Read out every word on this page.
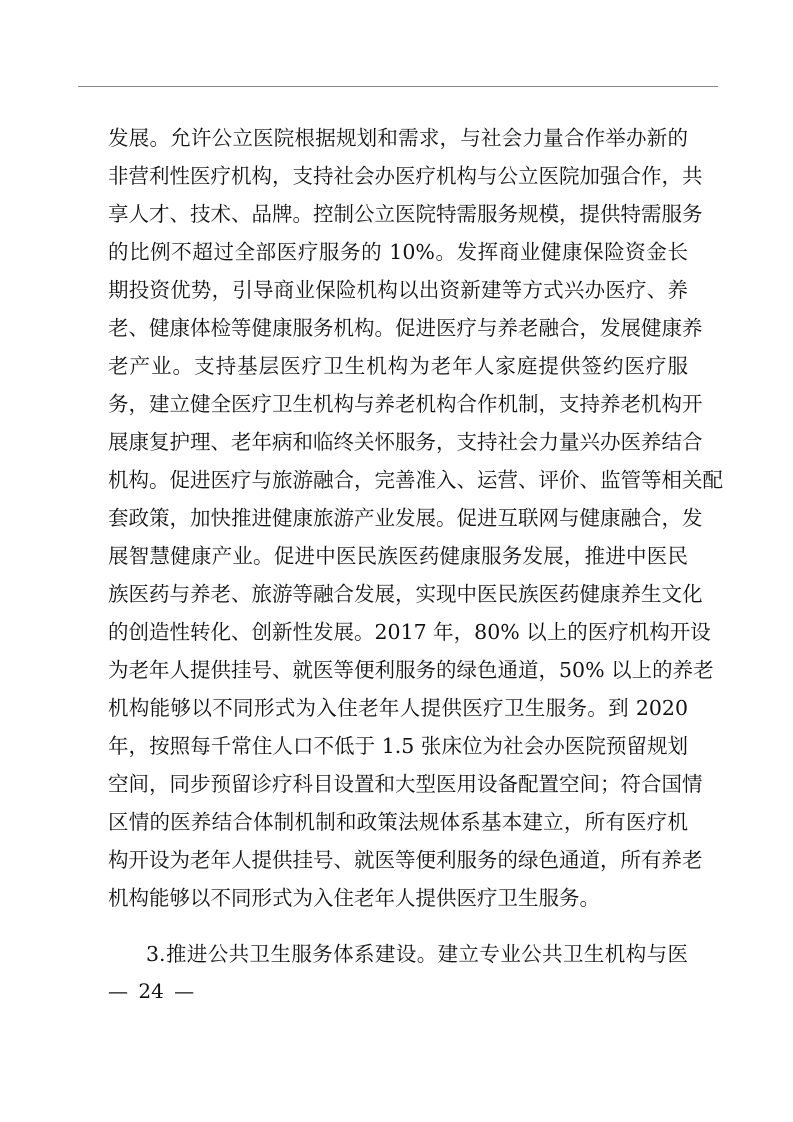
发展。允许公立医院根据规划和需求，与社会力量合作举办新的
非营利性医疗机构，支持社会办医疗机构与公立医院加强合作，共
享人才、技术、品牌。控制公立医院特需服务规模，提供特需服务
的比例不超过全部医疗服务的 10%。发挥商业健康保险资金长
期投资优势，引导商业保险机构以出资新建等方式兴办医疗、养
老、健康体检等健康服务机构。促进医疗与养老融合，发展健康养
老产业。支持基层医疗卫生机构为老年人家庭提供签约医疗服
务，建立健全医疗卫生机构与养老机构合作机制，支持养老机构开
展康复护理、老年病和临终关怀服务，支持社会力量兴办医养结合
机构。促进医疗与旅游融合，完善准入、运营、评价、监管等相关配
套政策，加快推进健康旅游产业发展。促进互联网与健康融合，发
展智慧健康产业。促进中医民族医药健康服务发展，推进中医民
族医药与养老、旅游等融合发展，实现中医民族医药健康养生文化
的创造性转化、创新性发展。2017 年，80% 以上的医疗机构开设
为老年人提供挂号、就医等便利服务的绿色通道，50% 以上的养老
机构能够以不同形式为入住老年人提供医疗卫生服务。到 2020
年，按照每千常住人口不低于 1.5 张床位为社会办医院预留规划
空间，同步预留诊疗科目设置和大型医用设备配置空间；符合国情
区情的医养结合体制机制和政策法规体系基本建立，所有医疗机
构开设为老年人提供挂号、就医等便利服务的绿色通道，所有养老
机构能够以不同形式为入住老年人提供医疗卫生服务。
3.推进公共卫生服务体系建设。建立专业公共卫生机构与医
— 24 —
